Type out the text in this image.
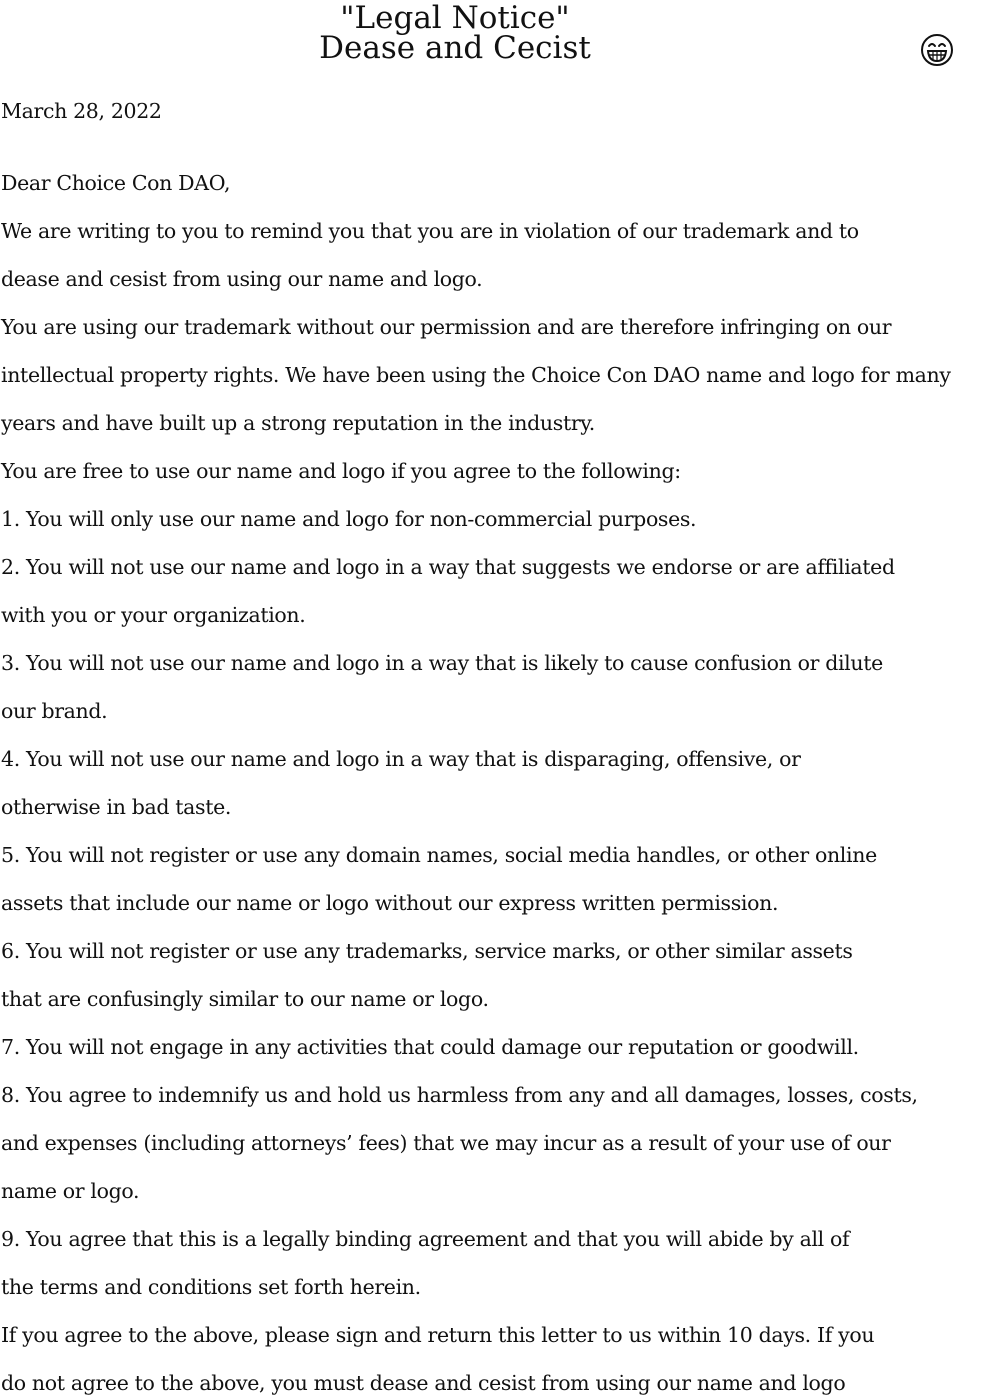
"Legal Notice"
Dease and Cecist
March 28, 2022
Dear Choice Con DAO,
We are writing to you to remind you that you are in violation of our trademark and to
dease and cesist from using our name and logo.
You are using our trademark without our permission and are therefore infringing on our
intellectual property rights. We have been using the Choice Con DAO name and logo for many
years and have built up a strong reputation in the industry.
You are free to use our name and logo if you agree to the following:
1. You will only use our name and logo for non-commercial purposes.
2. You will not use our name and logo in a way that suggests we endorse or are affiliated
with you or your organization.
3. You will not use our name and logo in a way that is likely to cause confusion or dilute
our brand.
4. You will not use our name and logo in a way that is disparaging, offensive, or
otherwise in bad taste.
5. You will not register or use any domain names, social media handles, or other online
assets that include our name or logo without our express written permission.
6. You will not register or use any trademarks, service marks, or other similar assets
that are confusingly similar to our name or logo.
7. You will not engage in any activities that could damage our reputation or goodwill.
8. You agree to indemnify us and hold us harmless from any and all damages, losses, costs,
and expenses (including attorneys’ fees) that we may incur as a result of your use of our
name or logo.
9. You agree that this is a legally binding agreement and that you will abide by all of
the terms and conditions set forth herein.
If you agree to the above, please sign and return this letter to us within 10 days. If you
do not agree to the above, you must dease and cesist from using our name and logo
